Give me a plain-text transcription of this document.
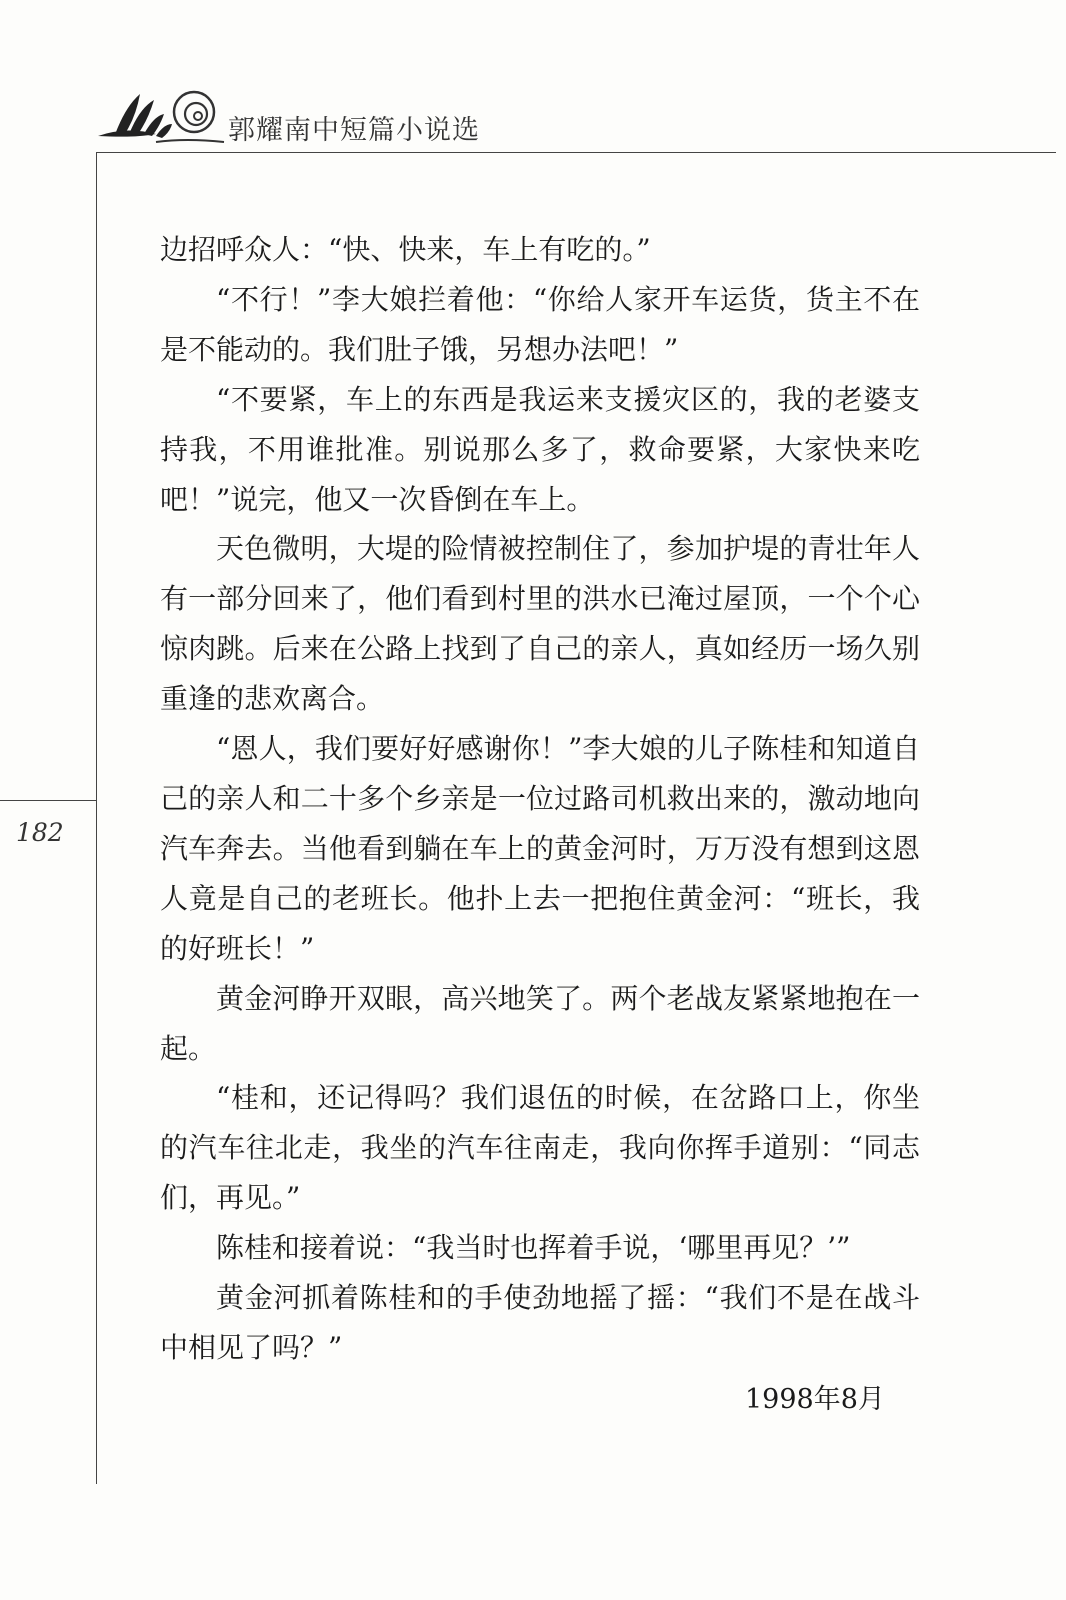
郭耀南中短篇小说选
182

边招呼众人：“快、快来，车上有吃的。”

“不行！”李大娘拦着他：“你给人家开车运货，货主不在是不能动的。我们肚子饿，另想办法吧！”

“不要紧，车上的东西是我运来支援灾区的，我的老婆支持我，不用谁批准。别说那么多了，救命要紧，大家快来吃吧！”说完，他又一次昏倒在车上。

天色微明，大堤的险情被控制住了，参加护堤的青壮年人有一部分回来了，他们看到村里的洪水已淹过屋顶，一个个心惊肉跳。后来在公路上找到了自己的亲人，真如经历一场久别重逢的悲欢离合。

“恩人，我们要好好感谢你！”李大娘的儿子陈桂和知道自己的亲人和二十多个乡亲是一位过路司机救出来的，激动地向汽车奔去。当他看到躺在车上的黄金河时，万万没有想到这恩人竟是自己的老班长。他扑上去一把抱住黄金河：“班长，我的好班长！”

黄金河睁开双眼，高兴地笑了。两个老战友紧紧地抱在一起。

“桂和，还记得吗？我们退伍的时候，在岔路口上，你坐的汽车往北走，我坐的汽车往南走，我向你挥手道别：“同志们，再见。”

陈桂和接着说：“我当时也挥着手说，‘哪里再见？’”

黄金河抓着陈桂和的手使劲地摇了摇：“我们不是在战斗中相见了吗？”

1998年8月
